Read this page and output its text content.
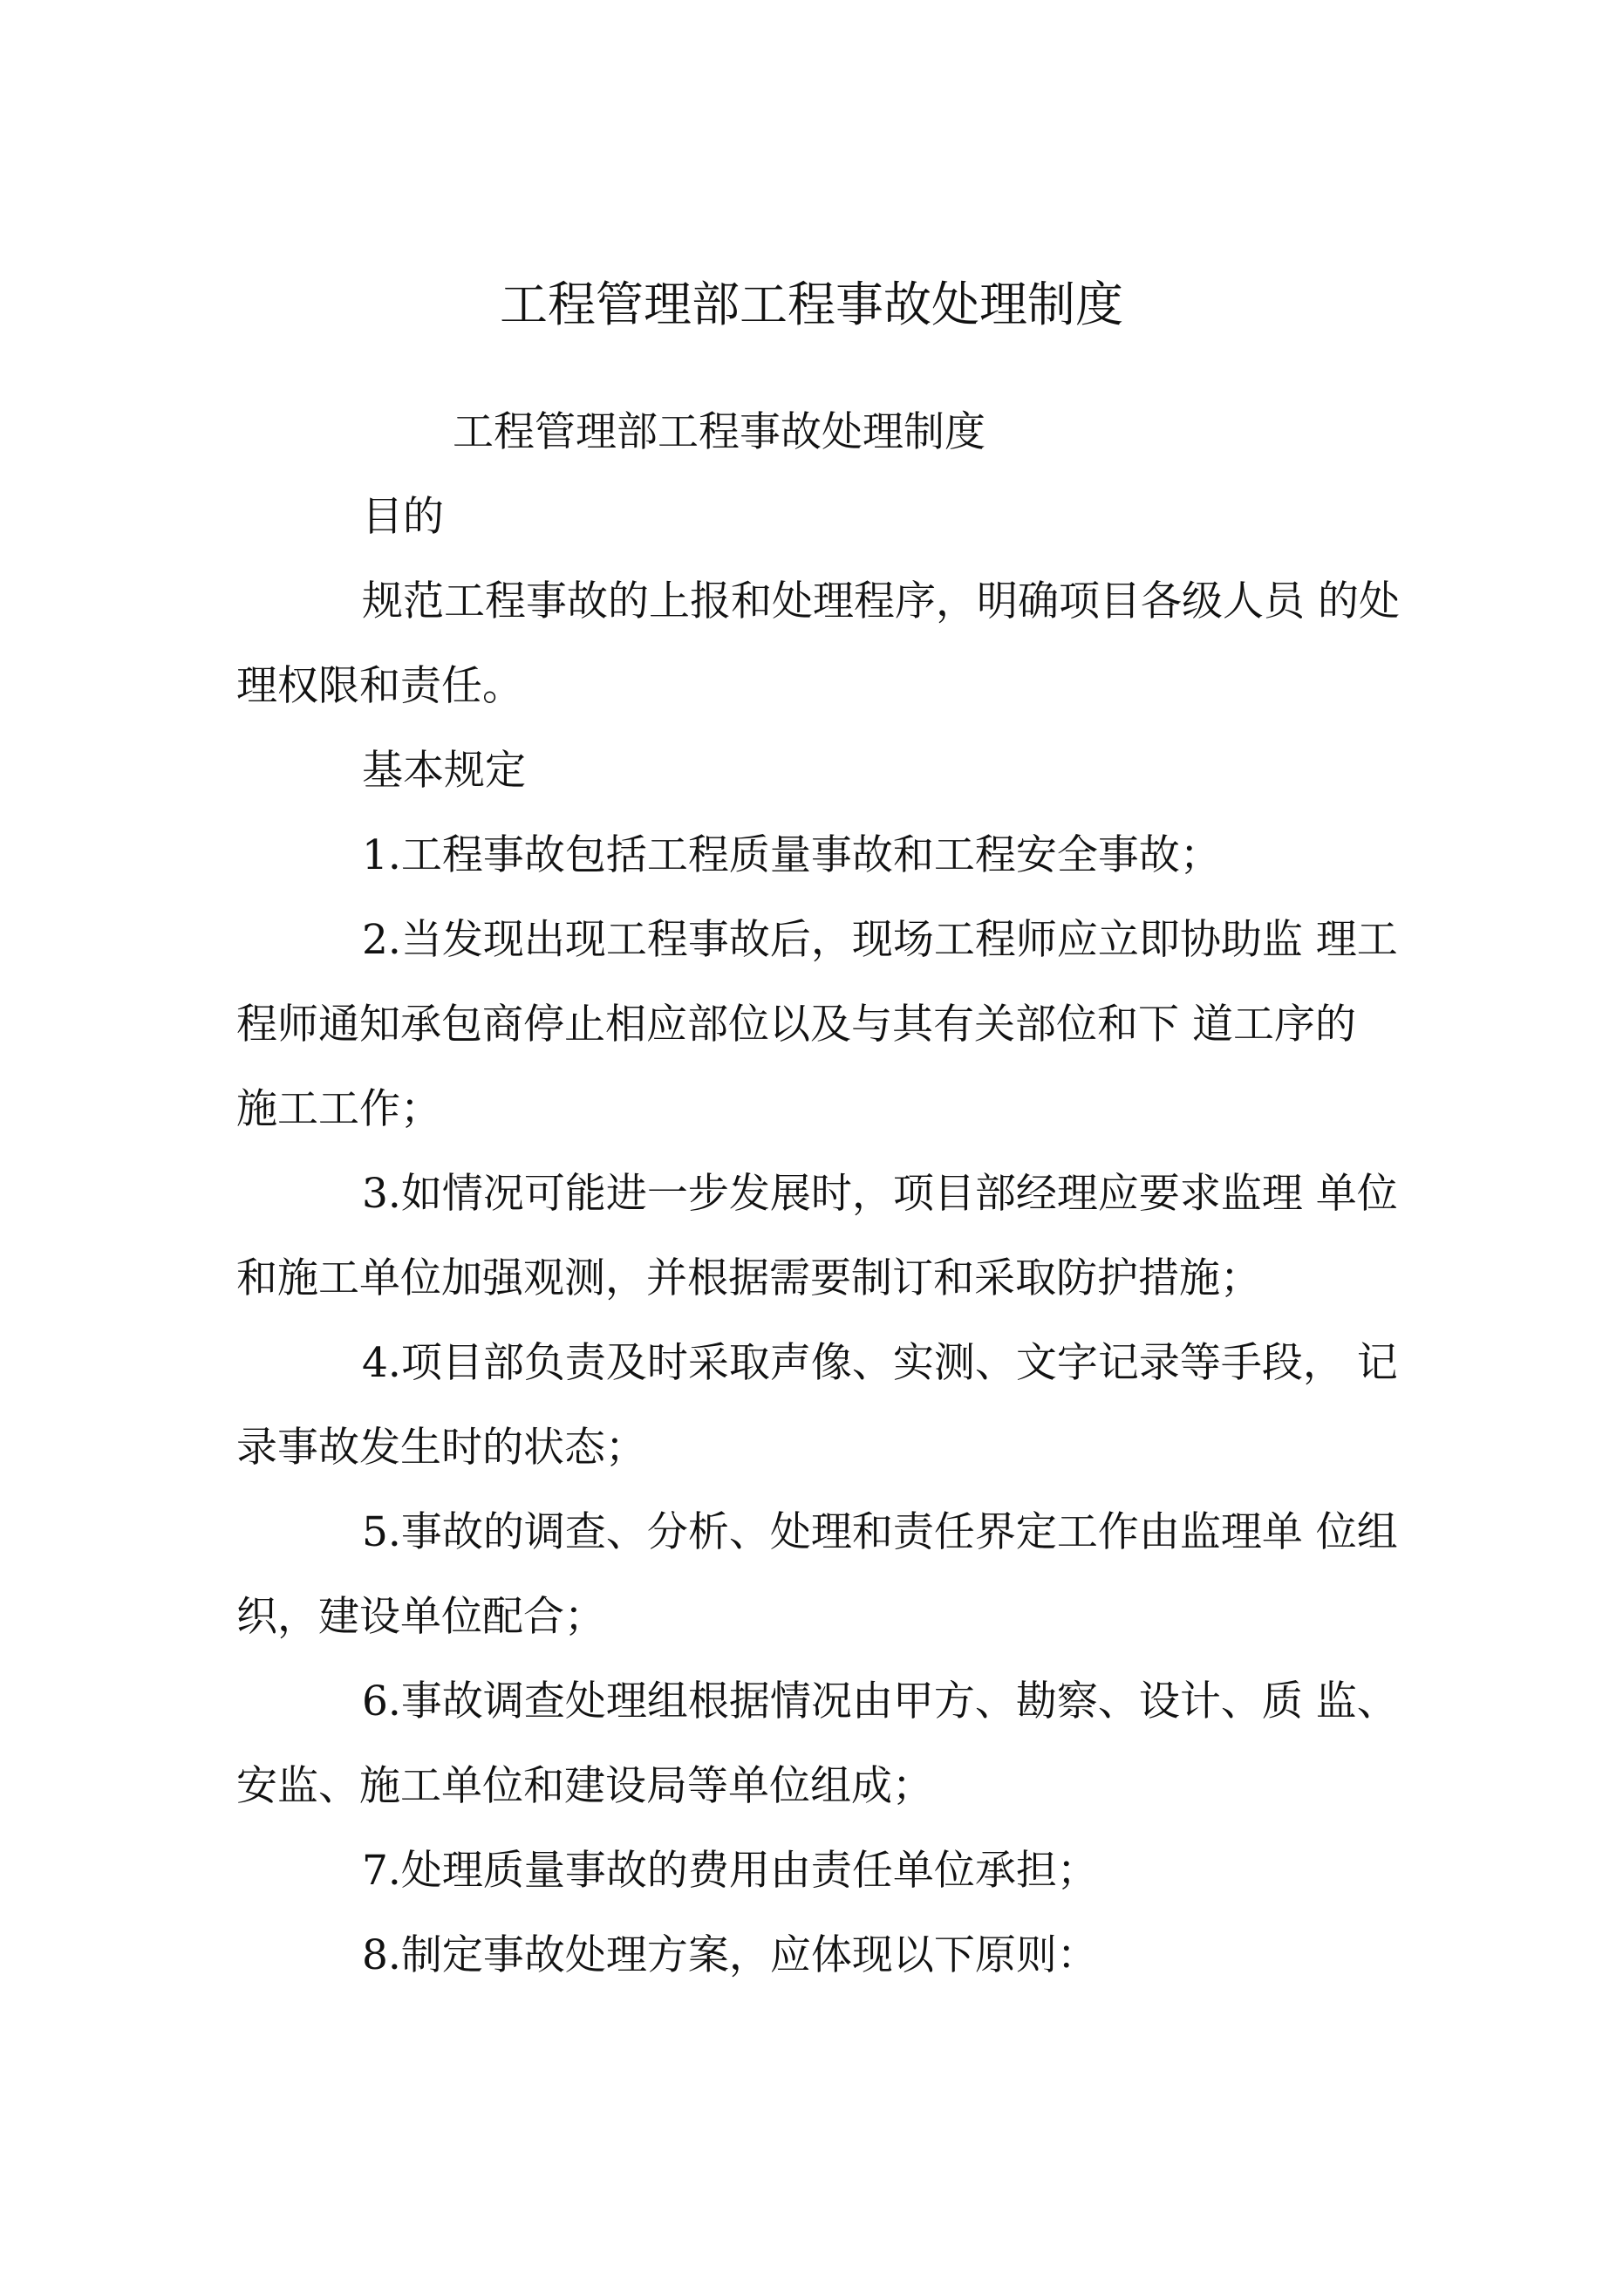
工程管理部工程事故处理制度
工程管理部工程事故处理制度
目的
规范工程事故的上报和处理程序，明确项目各级人员 的处
理权限和责任。
基本规定
1.工程事故包括工程质量事故和工程安全事故；
2.当发现出现工程事故后，现场工程师应立即协助监 理工
程师通知承包商停止相应部位以及与其有关部位和下 道工序的
施工工作；
3.如情况可能进一步发展时，项目部经理应要求监理 单位
和施工单位加强观测，并根据需要制订和采取防护措施；
4.项目部负责及时采取声像、实测、文字记录等手段， 记
录事故发生时的状态；
5.事故的调查、分析、处理和责任界定工作由监理单 位组
织，建设单位配合；
6.事故调查处理组根据情况由甲方、勘察、设计、质 监、
安监、施工单位和建设局等单位组成；
7.处理质量事故的费用由责任单位承担；
8.制定事故处理方案，应体现以下原则：
